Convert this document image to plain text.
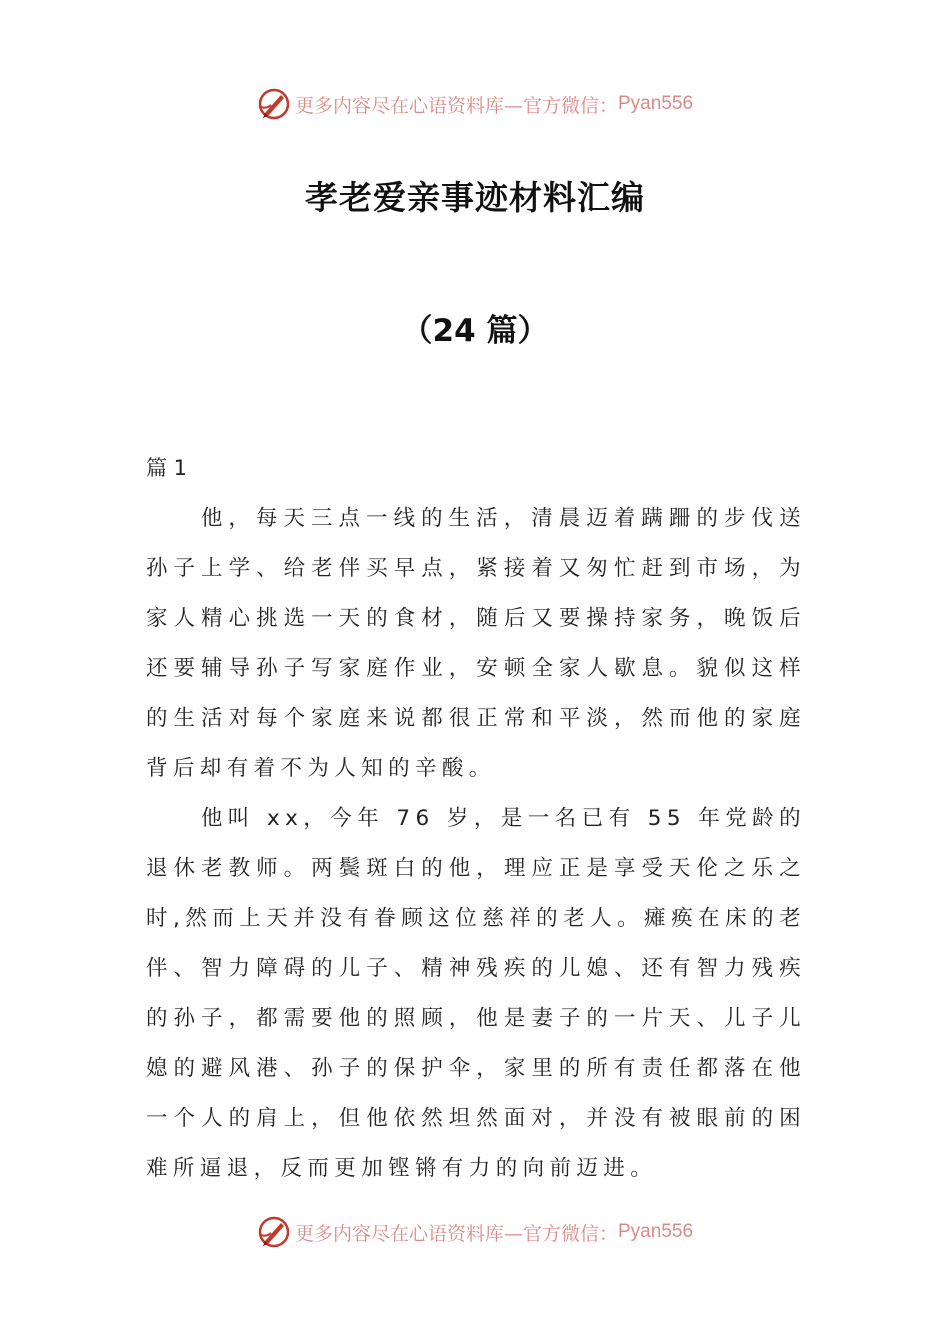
更多内容尽在心语资料库—官方微信： Pyan556
孝老爱亲事迹材料汇编
（24 篇）
篇 1

他，每天三点一线的生活，清晨迈着蹒跚的步伐送孙子上学、给老伴买早点，紧接着又匆忙赶到市场，为家人精心挑选一天的食材，随后又要操持家务，晚饭后还要辅导孙子写家庭作业，安顿全家人歇息。貌似这样的生活对每个家庭来说都很正常和平淡，然而他的家庭背后却有着不为人知的辛酸。

他叫 xx，今年 76 岁，是一名已有 55 年党龄的退休老教师。两鬓斑白的他，理应正是享受天伦之乐之时,然而上天并没有眷顾这位慈祥的老人。瘫痪在床的老伴、智力障碍的儿子、精神残疾的儿媳、还有智力残疾的孙子，都需要他的照顾，他是妻子的一片天、儿子儿媳的避风港、孙子的保护伞，家里的所有责任都落在他一个人的肩上，但他依然坦然面对，并没有被眼前的困难所逼退，反而更加铿锵有力的向前迈进。

更多内容尽在心语资料库—官方微信： Pyan556
